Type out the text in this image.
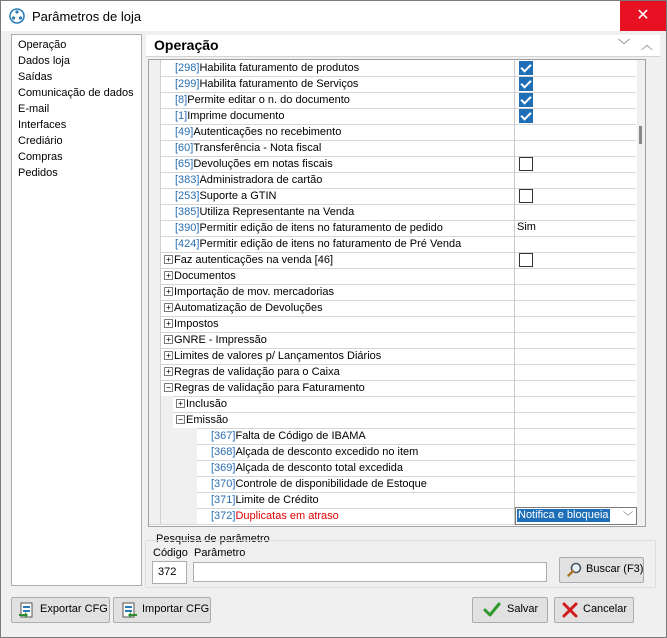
Parâmetros de loja	✕
Operação
Dados loja
Saídas
Comunicação de dados
E-mail
Interfaces
Crediário
Compras
Pedidos
Operação	﹀ ︿
[298]Habilita faturamento de produtos
[299]Habilita faturamento de Serviços
[8]Permite editar o n. do documento
[1]Imprime documento
[49]Autenticações no recebimento
[60]Transferência - Nota fiscal
[65]Devoluções em notas fiscais
[383]Administradora de cartão
[253]Suporte a GTIN
[385]Utiliza Representante na Venda
[390]Permitir edição de itens no faturamento de pedido	Sim
[424]Permitir edição de itens no faturamento de Pré Venda
+ Faz autenticações na venda [46]
+ Documentos
+ Importação de mov. mercadorias
+ Automatização de Devoluções
+ Impostos
+ GNRE - Impressão
+ Limites de valores p/ Lançamentos Diários
+ Regras de validação para o Caixa
− Regras de validação para Faturamento
+ Inclusão
− Emissão
[367]Falta de Código de IBAMA
[368]Alçada de desconto excedido no item
[369]Alçada de desconto total excedida
[370]Controle de disponibilidade de Estoque
[371]Limite de Crédito
[372]Duplicatas em atraso	Notifica e bloqueia ﹀
Pesquisa de parâmetro
Código Parâmetro
372	Buscar (F3)
Exportar CFG	Importar CFG	Salvar	Cancelar
